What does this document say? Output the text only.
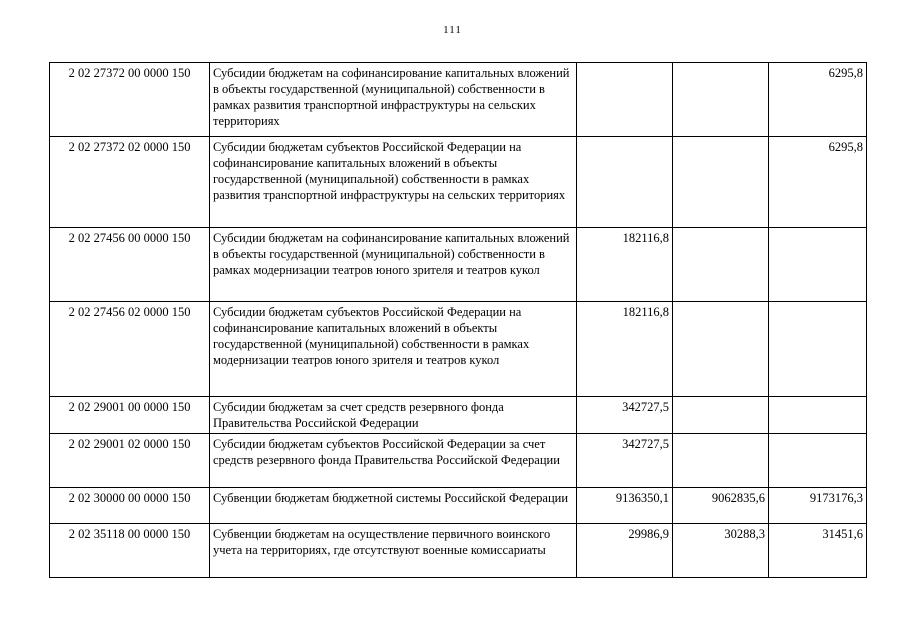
111
2 02 27372 00 0000 150	Субсидии бюджетам на софинансирование капитальных вложений в объекты государственной (муниципальной) собственности в рамках развития транспортной инфраструктуры на сельских территориях			6295,8
2 02 27372 02 0000 150	Субсидии бюджетам субъектов Российской Федерации на софинансирование капитальных вложений в объекты государственной (муниципальной) собственности в рамках развития транспортной инфраструктуры на сельских территориях			6295,8
2 02 27456 00 0000 150	Субсидии бюджетам на софинансирование капитальных вложений в объекты государственной (муниципальной) собственности в рамках модернизации театров юного зрителя и театров кукол	182116,8		
2 02 27456 02 0000 150	Субсидии бюджетам субъектов Российской Федерации на софинансирование капитальных вложений в объекты государственной (муниципальной) собственности в рамках модернизации театров юного зрителя и театров кукол	182116,8		
2 02 29001 00 0000 150	Субсидии бюджетам за счет средств резервного фонда Правительства Российской Федерации	342727,5		
2 02 29001 02 0000 150	Субсидии бюджетам субъектов Российской Федерации за счет средств резервного фонда Правительства Российской Федерации	342727,5		
2 02 30000 00 0000 150	Субвенции бюджетам бюджетной системы Российской Федерации	9136350,1	9062835,6	9173176,3
2 02 35118 00 0000 150	Субвенции бюджетам на осуществление первичного воинского учета на территориях, где отсутствуют военные комиссариаты	29986,9	30288,3	31451,6
